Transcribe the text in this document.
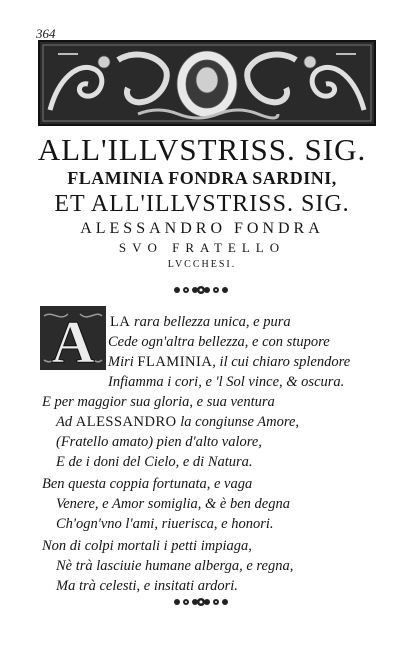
364
ALL'ILLVSTRISS. SIG.
FLAMINIA FONDRA SARDINI,
ET ALL'ILLVSTRISS. SIG.
ALESSANDRO FONDRA
SVO FRATELLO
LVCCHESI.
A LA rara bellezza unica, e pura
Cede ogn'altra bellezza, e con stupore
Miri FLAMINIA, il cui chiaro splendore
Infiamma i cori, e 'l Sol vince, & oscura.
E per maggior sua gloria, e sua ventura
Ad ALESSANDRO la congiunse Amore,
(Fratello amato) pien d'alto valore,
E de i doni del Cielo, e di Natura.
Ben questa coppia fortunata, e vaga
Venere, e Amor somiglia, & è ben degna
Ch'ogn'vno l'ami, riuerisca, e honori.
Non di colpi mortali i petti impiaga,
Nè trà lasciuie humane alberga, e regna,
Ma trà celesti, e insitati ardori.
